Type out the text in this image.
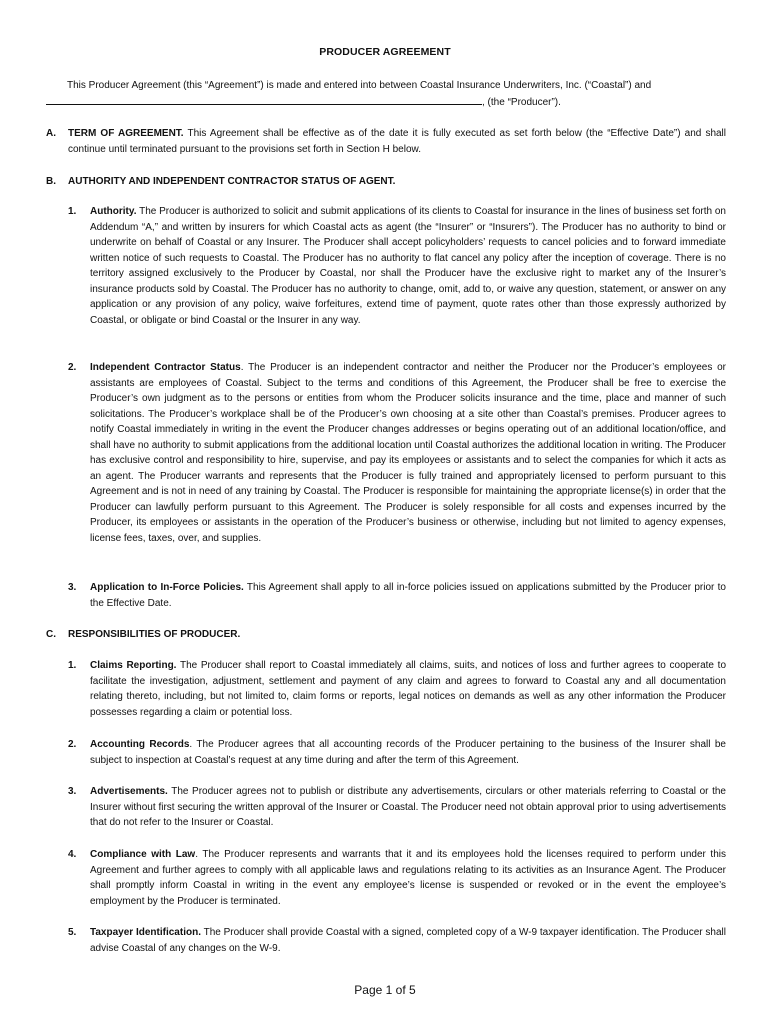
PRODUCER AGREEMENT
This Producer Agreement (this “Agreement”) is made and entered into between Coastal Insurance Underwriters, Inc. (“Coastal”) and
, (the “Producer”).
A. TERM OF AGREEMENT. This Agreement shall be effective as of the date it is fully executed as set forth below (the “Effective Date”) and shall continue until terminated pursuant to the provisions set forth in Section H below.
B. AUTHORITY AND INDEPENDENT CONTRACTOR STATUS OF AGENT.
1. Authority. The Producer is authorized to solicit and submit applications of its clients to Coastal for insurance in the lines of business set forth on Addendum “A,” and written by insurers for which Coastal acts as agent (the “Insurer” or “Insurers”). The Producer has no authority to bind or underwrite on behalf of Coastal or any Insurer. The Producer shall accept policyholders’ requests to cancel policies and to forward immediate written notice of such requests to Coastal. The Producer has no authority to flat cancel any policy after the inception of coverage. There is no territory assigned exclusively to the Producer by Coastal, nor shall the Producer have the exclusive right to market any of the Insurer’s insurance products sold by Coastal. The Producer has no authority to change, omit, add to, or waive any question, statement, or answer on any application or any provision of any policy, waive forfeitures, extend time of payment, quote rates other than those expressly authorized by Coastal, or obligate or bind Coastal or the Insurer in any way.
2. Independent Contractor Status. The Producer is an independent contractor and neither the Producer nor the Producer’s employees or assistants are employees of Coastal. Subject to the terms and conditions of this Agreement, the Producer shall be free to exercise the Producer’s own judgment as to the persons or entities from whom the Producer solicits insurance and the time, place and manner of such solicitations. The Producer’s workplace shall be of the Producer’s own choosing at a site other than Coastal’s premises. Producer agrees to notify Coastal immediately in writing in the event the Producer changes addresses or begins operating out of an additional location/office, and shall have no authority to submit applications from the additional location until Coastal authorizes the additional location in writing. The Producer has exclusive control and responsibility to hire, supervise, and pay its employees or assistants and to select the companies for which it acts as an agent. The Producer warrants and represents that the Producer is fully trained and appropriately licensed to perform pursuant to this Agreement and is not in need of any training by Coastal. The Producer is responsible for maintaining the appropriate license(s) in order that the Producer can lawfully perform pursuant to this Agreement. The Producer is solely responsible for all costs and expenses incurred by the Producer, its employees or assistants in the operation of the Producer’s business or otherwise, including but not limited to agency expenses, license fees, taxes, over, and supplies.
3. Application to In-Force Policies. This Agreement shall apply to all in-force policies issued on applications submitted by the Producer prior to the Effective Date.
C. RESPONSIBILITIES OF PRODUCER.
1. Claims Reporting. The Producer shall report to Coastal immediately all claims, suits, and notices of loss and further agrees to cooperate to facilitate the investigation, adjustment, settlement and payment of any claim and agrees to forward to Coastal any and all documentation relating thereto, including, but not limited to, claim forms or reports, legal notices on demands as well as any other information the Producer possesses regarding a claim or potential loss.
2. Accounting Records. The Producer agrees that all accounting records of the Producer pertaining to the business of the Insurer shall be subject to inspection at Coastal’s request at any time during and after the term of this Agreement.
3. Advertisements. The Producer agrees not to publish or distribute any advertisements, circulars or other materials referring to Coastal or the Insurer without first securing the written approval of the Insurer or Coastal. The Producer need not obtain approval prior to using advertisements that do not refer to the Insurer or Coastal.
4. Compliance with Law. The Producer represents and warrants that it and its employees hold the licenses required to perform under this Agreement and further agrees to comply with all applicable laws and regulations relating to its activities as an Insurance Agent. The Producer shall promptly inform Coastal in writing in the event any employee’s license is suspended or revoked or in the event the employee’s employment by the Producer is terminated.
5. Taxpayer Identification. The Producer shall provide Coastal with a signed, completed copy of a W-9 taxpayer identification. The Producer shall advise Coastal of any changes on the W-9.
Page 1 of 5
